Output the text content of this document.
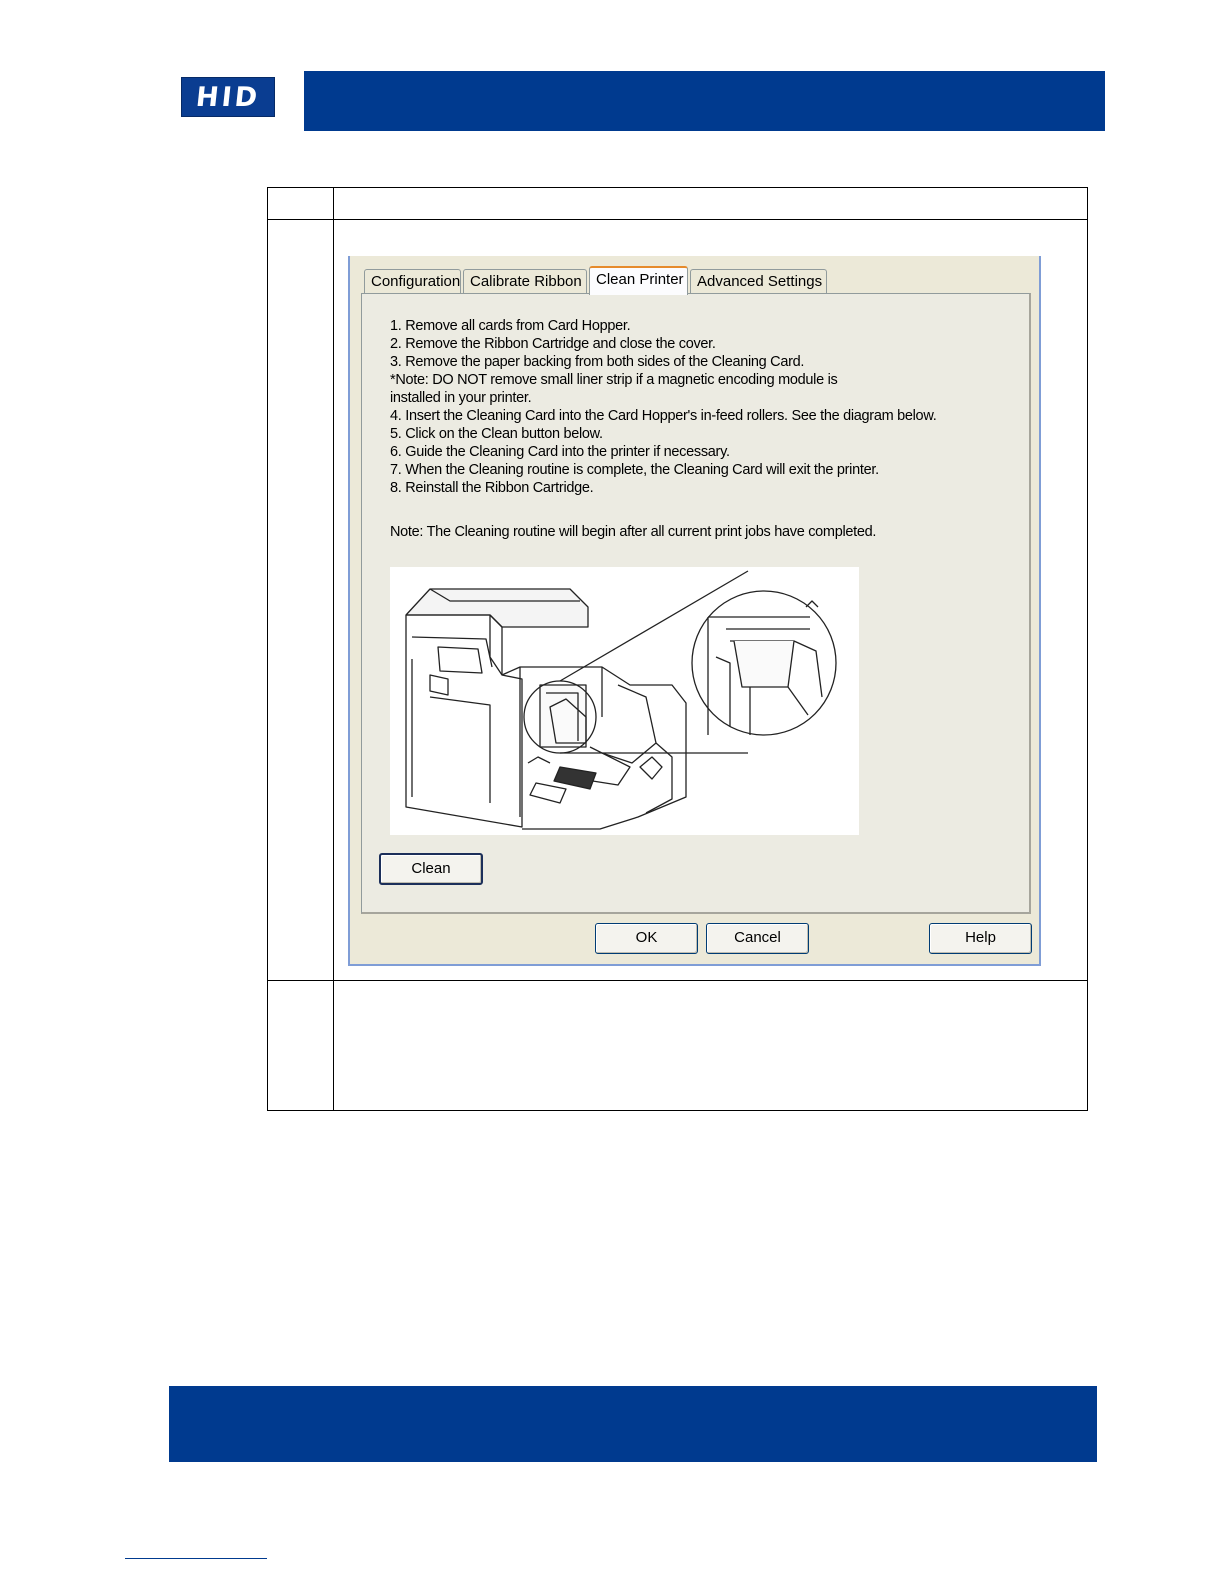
HID
Configuration Calibrate Ribbon Clean Printer Advanced Settings
1. Remove all cards from Card Hopper.
2. Remove the Ribbon Cartridge and close the cover.
3. Remove the paper backing from both sides of the Cleaning Card.
*Note: DO NOT remove small liner strip if a magnetic encoding module is
installed in your printer.
4. Insert the Cleaning Card into the Card Hopper's in-feed rollers. See the diagram below.
5. Click on the Clean button below.
6. Guide the Cleaning Card into the printer if necessary.
7. When the Cleaning routine is complete, the Cleaning Card will exit the printer.
8. Reinstall the Ribbon Cartridge.
Note: The Cleaning routine will begin after all current print jobs have completed.
Clean
OK	Cancel	Help
